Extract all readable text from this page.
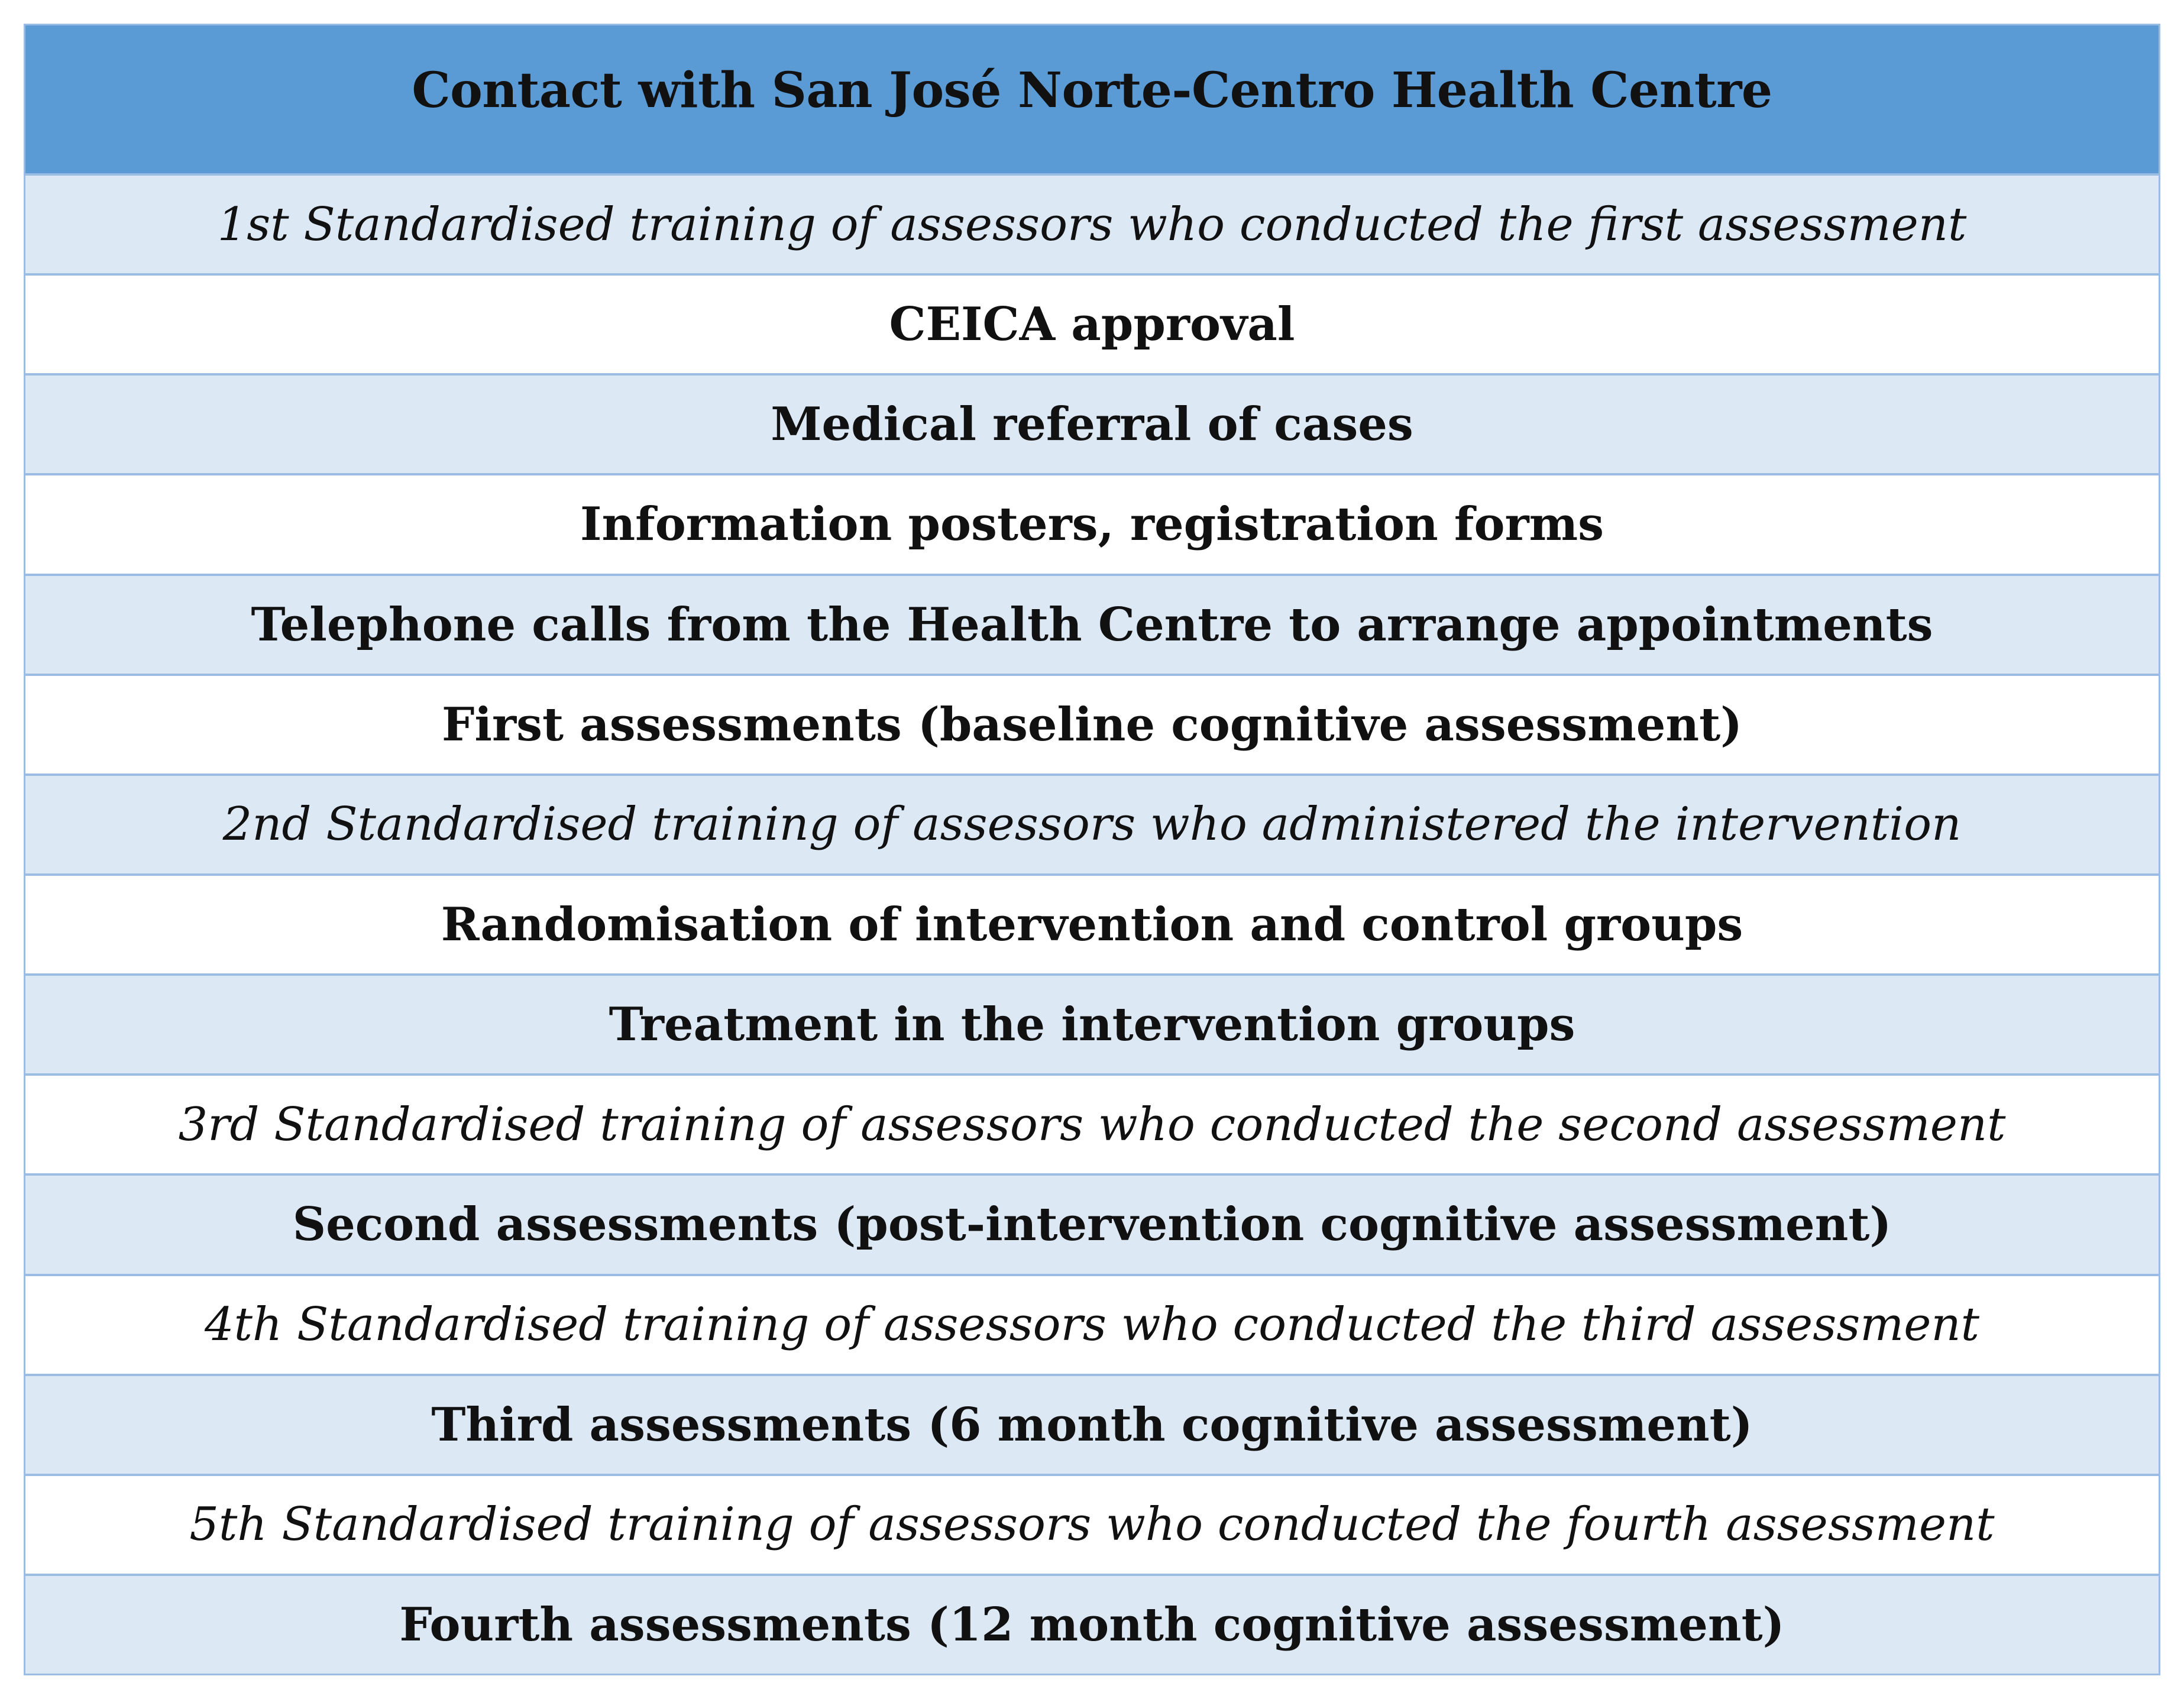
Contact with San José Norte-Centro Health Centre
1st Standardised training of assessors who conducted the first assessment
CEICA approval
Medical referral of cases
Information posters, registration forms
Telephone calls from the Health Centre to arrange appointments
First assessments (baseline cognitive assessment)
2nd Standardised training of assessors who administered the intervention
Randomisation of intervention and control groups
Treatment in the intervention groups
3rd Standardised training of assessors who conducted the second assessment
Second assessments (post-intervention cognitive assessment)
4th Standardised training of assessors who conducted the third assessment
Third assessments (6 month cognitive assessment)
5th Standardised training of assessors who conducted the fourth assessment
Fourth assessments (12 month cognitive assessment)
